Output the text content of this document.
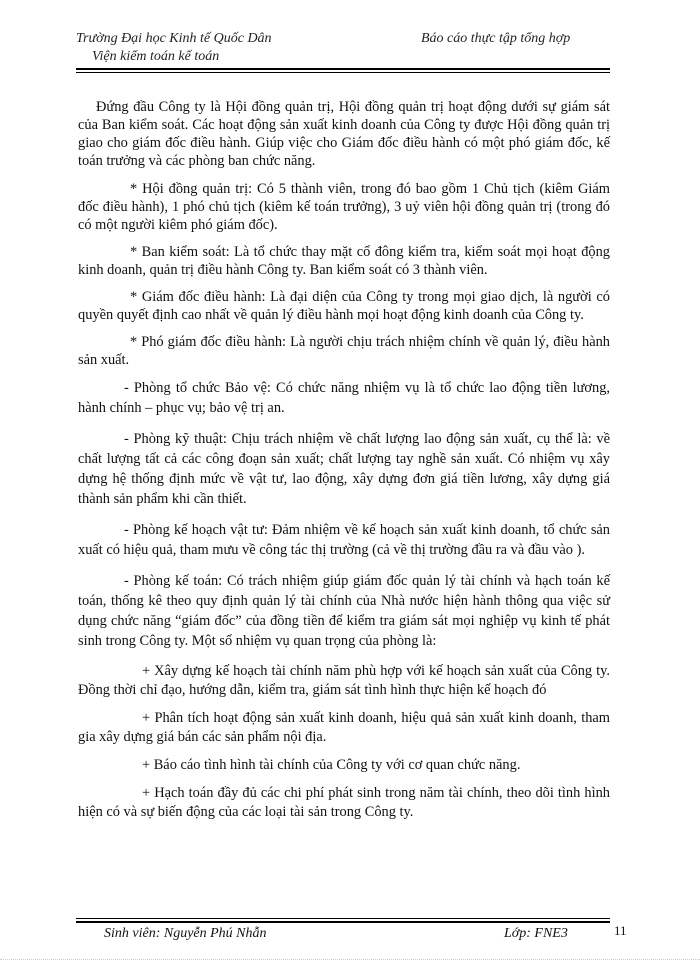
Trường Đại học Kinh tế Quốc Dân
Viện kiểm toán kế toán
Báo cáo thực tập tổng hợp

Đứng đầu Công ty là Hội đồng quản trị, Hội đồng quản trị hoạt động dưới sự giám sát của Ban kiểm soát. Các hoạt động sản xuất kinh doanh của Công ty được Hội đồng quản trị giao cho giám đốc điều hành. Giúp việc cho Giám đốc điều hành có một phó giám đốc, kế toán trưởng và các phòng ban chức năng.

* Hội đồng quản trị: Có 5 thành viên, trong đó bao gồm 1 Chủ tịch (kiêm Giám đốc điều hành), 1 phó chủ tịch (kiêm kế toán trưởng), 3 uỷ viên hội đồng quản trị (trong đó có một người kiêm phó giám đốc).

* Ban kiểm soát: Là tổ chức thay mặt cổ đông kiểm tra, kiểm soát mọi hoạt động kinh doanh, quản trị điều hành Công ty. Ban kiểm soát có 3 thành viên.

* Giám đốc điều hành: Là đại diện của Công ty trong mọi giao dịch, là người có quyền quyết định cao nhất về quản lý điều hành mọi hoạt động kinh doanh của Công ty.

* Phó giám đốc điều hành: Là người chịu trách nhiệm chính về quản lý, điều hành sản xuất.

- Phòng tổ chức Bảo vệ: Có chức năng nhiệm vụ là tổ chức lao động tiền lương, hành chính – phục vụ; bảo vệ trị an.

- Phòng kỹ thuật: Chịu trách nhiệm về chất lượng lao động sản xuất, cụ thể là: về chất lượng tất cả các công đoạn sản xuất; chất lượng tay nghề sản xuất. Có nhiệm vụ xây dựng hệ thống định mức về vật tư, lao động, xây dựng đơn giá tiền lương, xây dựng giá thành sản phẩm khi cần thiết.

- Phòng kế hoạch vật tư: Đảm nhiệm về kế hoạch sản xuất kinh doanh, tổ chức sản xuất có hiệu quả, tham mưu về công tác thị trường (cả về thị trường đầu ra và đầu vào ).

- Phòng kế toán: Có trách nhiệm giúp giám đốc quản lý tài chính và hạch toán kế toán, thống kê theo quy định quản lý tài chính của Nhà nước hiện hành thông qua việc sử dụng chức năng “giám đốc” của đồng tiền để kiểm tra giám sát mọi nghiệp vụ kinh tế phát sinh trong Công ty. Một số nhiệm vụ quan trọng của phòng là:

+ Xây dựng kế hoạch tài chính năm phù hợp với kế hoạch sản xuất của Công ty. Đồng thời chỉ đạo, hướng dẫn, kiểm tra, giám sát tình hình thực hiện kế hoạch đó

+ Phân tích hoạt động sản xuất kinh doanh, hiệu quả sản xuất kinh doanh, tham gia xây dựng giá bán các sản phẩm nội địa.

+ Báo cáo tình hình tài chính của Công ty với cơ quan chức năng.

+ Hạch toán đầy đủ các chi phí phát sinh trong năm tài chính, theo dõi tình hình hiện có và sự biến động của các loại tài sản trong Công ty.

Sinh viên: Nguyễn Phú Nhẫn	Lớp: FNE3	11
